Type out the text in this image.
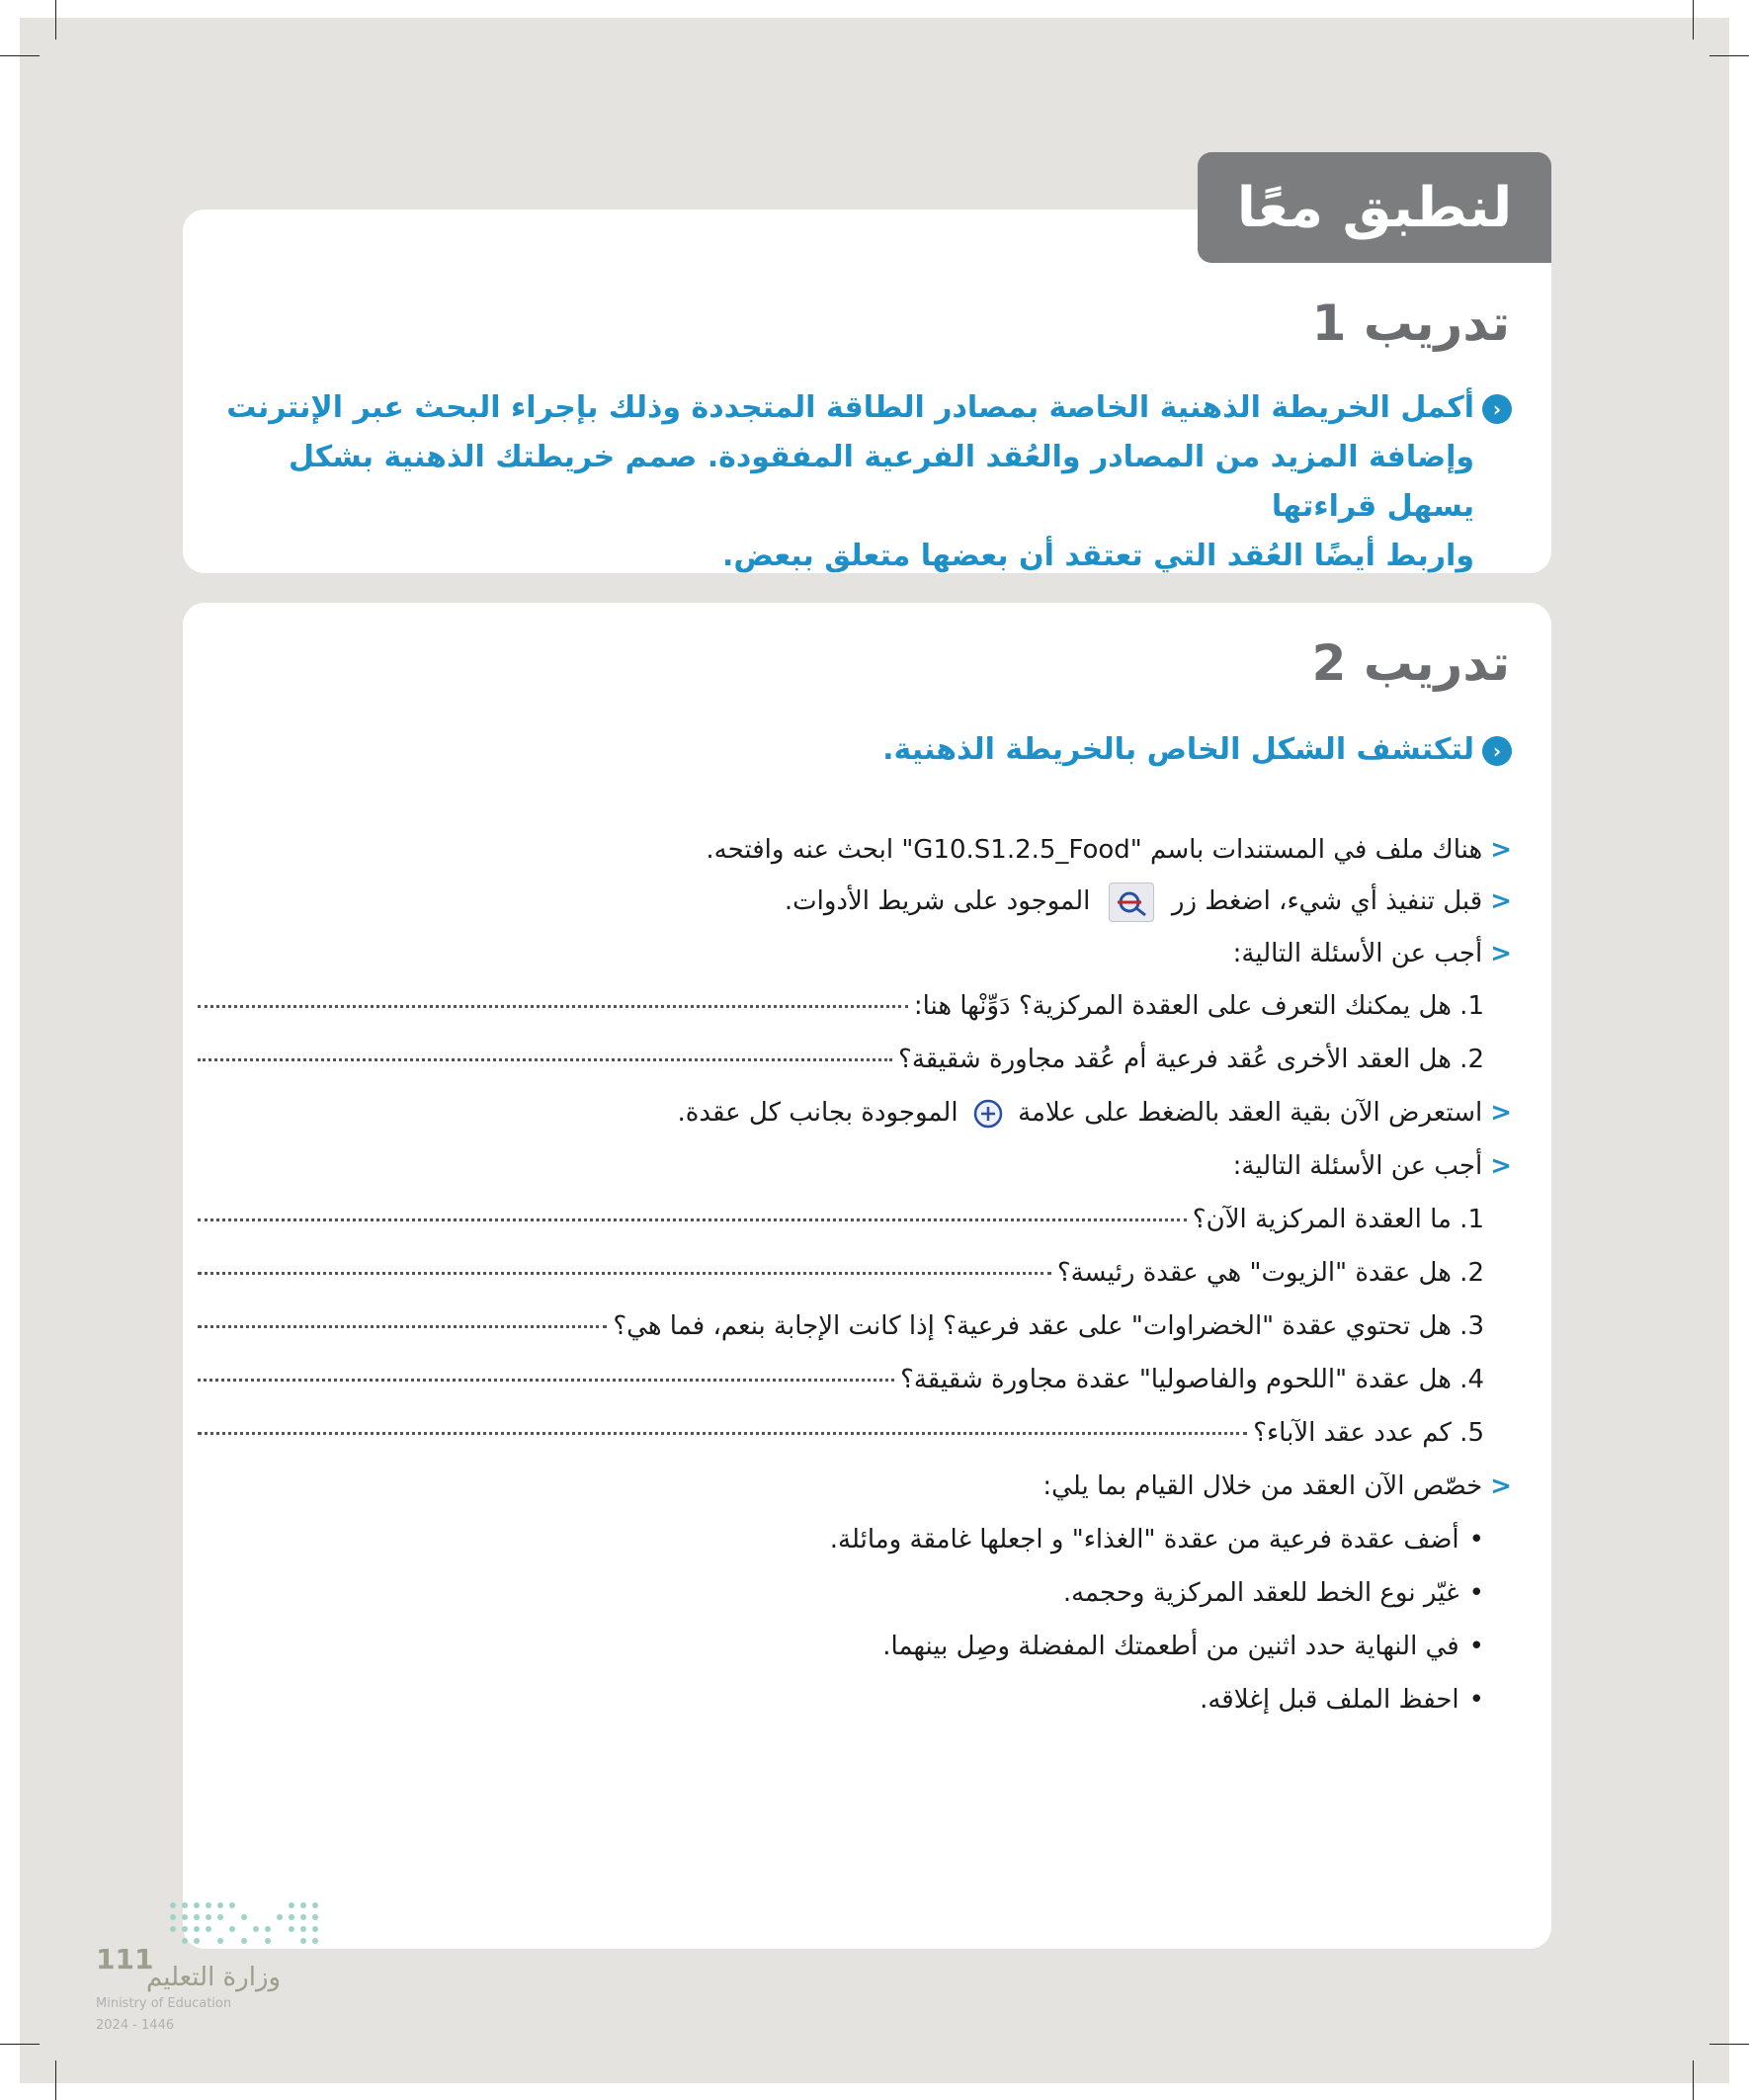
لنطبق معًا
تدريب 1
‹أكمل الخريطة الذهنية الخاصة بمصادر الطاقة المتجددة وذلك بإجراء البحث عبر الإنترنت
وإضافة المزيد من المصادر والعُقد الفرعية المفقودة. صمم خريطتك الذهنية بشكل يسهل قراءتها
واربط أيضًا العُقد التي تعتقد أن بعضها متعلق ببعض.
تدريب 2
‹لتكتشف الشكل الخاص بالخريطة الذهنية.
<هناك ملف في المستندات باسم "G10.S1.2.5_Food" ابحث عنه وافتحه.
<قبل تنفيذ أي شيء، اضغط زر  الموجود على شريط الأدوات.
<أجب عن الأسئلة التالية:
1. هل يمكنك التعرف على العقدة المركزية؟ دَوِّنْها هنا:
2. هل العقد الأخرى عُقد فرعية أم عُقد مجاورة شقيقة؟
<استعرض الآن بقية العقد بالضغط على علامة  الموجودة بجانب كل عقدة.
<أجب عن الأسئلة التالية:
1. ما العقدة المركزية الآن؟
2. هل عقدة "الزيوت" هي عقدة رئيسة؟
3. هل تحتوي عقدة "الخضراوات" على عقد فرعية؟ إذا كانت الإجابة بنعم، فما هي؟
4. هل عقدة "اللحوم والفاصوليا" عقدة مجاورة شقيقة؟
5. كم عدد عقد الآباء؟
<خصّص الآن العقد من خلال القيام بما يلي:
•أضف عقدة فرعية من عقدة "الغذاء" و اجعلها غامقة ومائلة.
•غيّر نوع الخط للعقد المركزية وحجمه.
•في النهاية حدد اثنين من أطعمتك المفضلة وصِل بينهما.
•احفظ الملف قبل إغلاقه.
111
وزارة التعليم
Ministry of Education
2024 - 1446
